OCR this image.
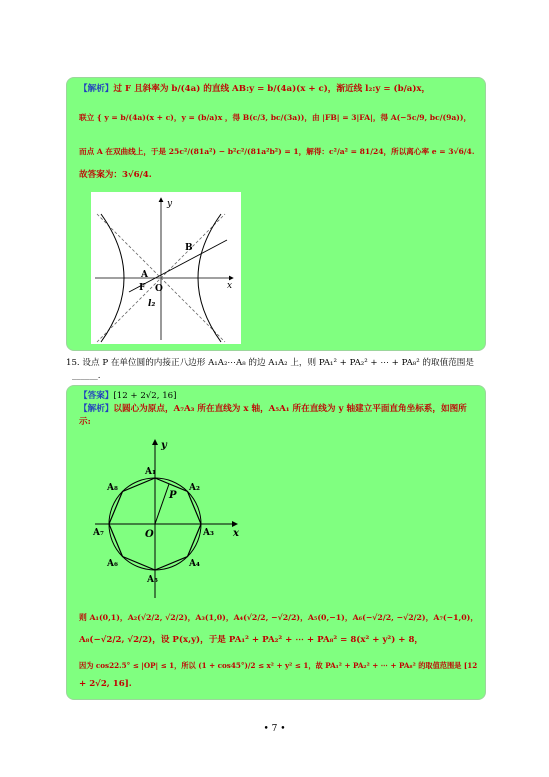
【解析】过 F 且斜率为 b/(4a) 的直线 AB:y = b/(4a)(x + c)，渐近线 l₂:y = (b/a)x，
联立 { y = b/(4a)(x + c)，y = (b/a)x ，得 B(c/3, bc/(3a))，由 |FB| = 3|FA|，得 A(−5c/9, bc/(9a))，
而点 A 在双曲线上，于是 25c²/(81a²) − b²c²/(81a²b²) = 1，解得：c²/a² = 81/24，所以离心率 e = 3√6/4.
故答案为：3√6/4.
y
x
B
A
F O
l₂
15. 设点 P 在单位圆的内接正八边形 A₁A₂⋯A₈ 的边 A₁A₂ 上，则 PA₁² + PA₂² + ⋯ + PA₈² 的取值范围是
______.
【答案】[12 + 2√2, 16]
【解析】以圆心为原点，A₇A₃ 所在直线为 x 轴，A₅A₁ 所在直线为 y 轴建立平面直角坐标系，如图所
示:
y
x
O
P
A₁
A₂
A₃
A₄
A₅
A₆
A₇
A₈
则 A₁(0,1)，A₂(√2/2, √2/2)，A₃(1,0)，A₄(√2/2, −√2/2)，A₅(0,−1)，A₆(−√2/2, −√2/2)，A₇(−1,0)，
A₈(−√2/2, √2/2)，设 P(x,y)，于是 PA₁² + PA₂² + ⋯ + PA₈² = 8(x² + y²) + 8，
因为 cos22.5° ≤ |OP| ≤ 1，所以 (1 + cos45°)/2 ≤ x² + y² ≤ 1，故 PA₁² + PA₂² + ⋯ + PA₈² 的取值范围是 [12
+ 2√2, 16].
• 7 •
